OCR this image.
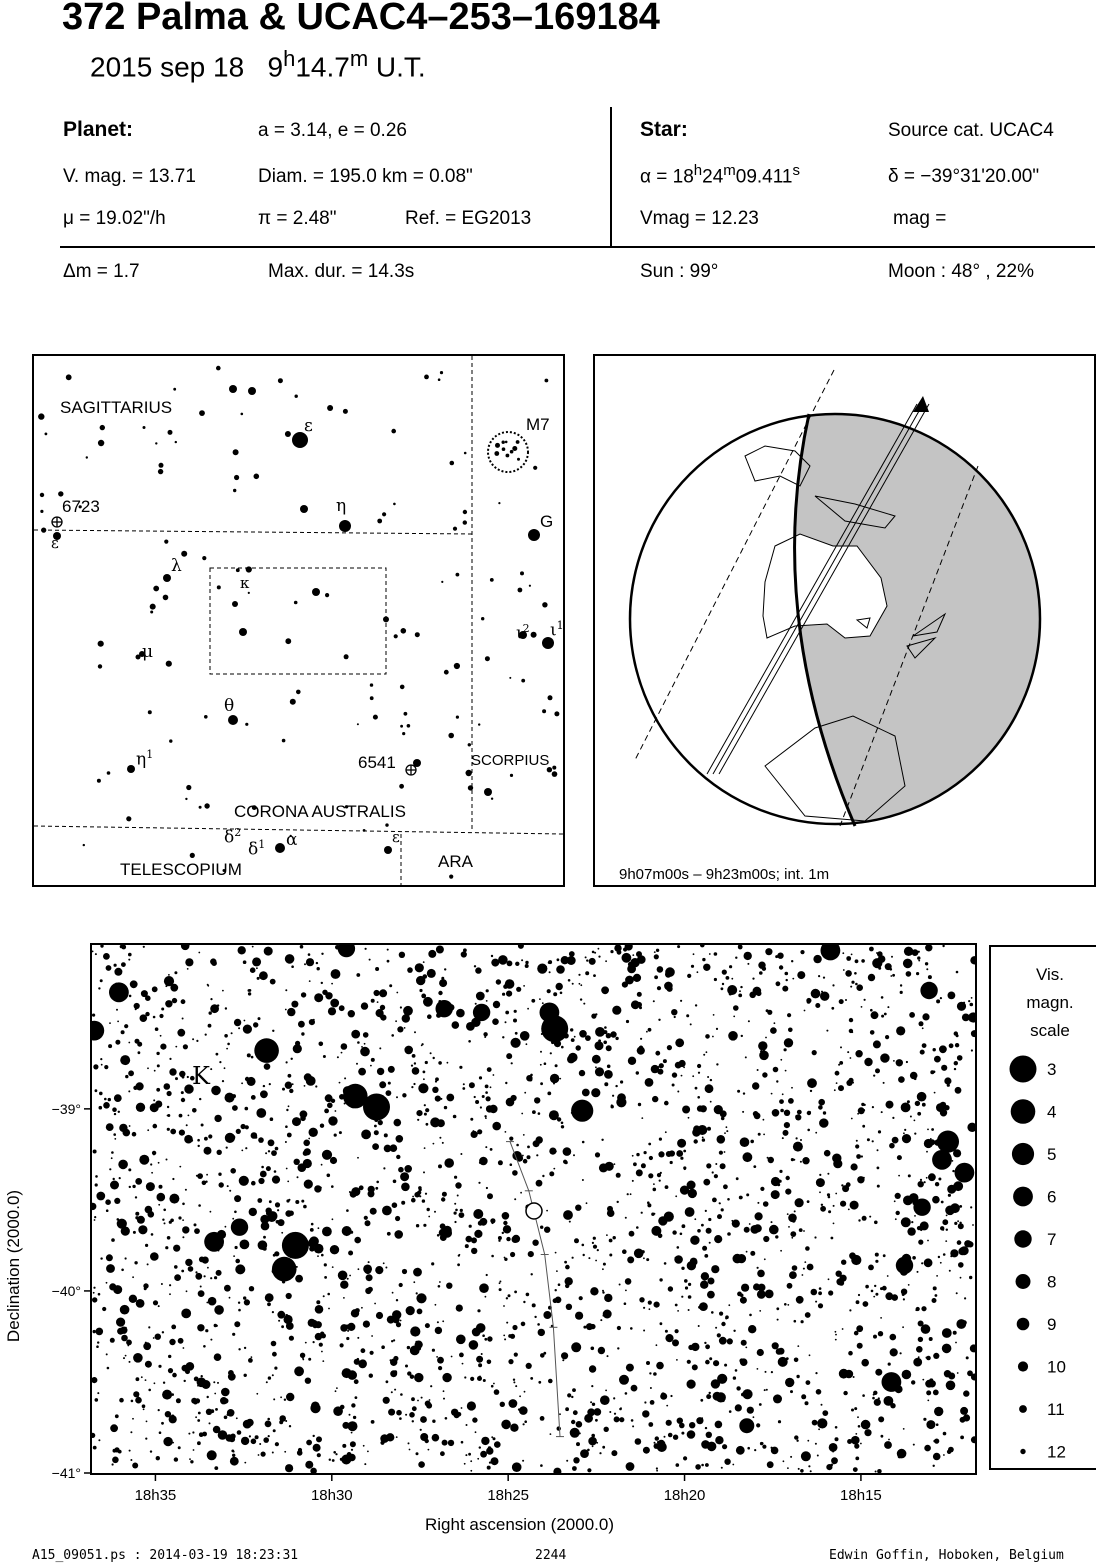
372 Palma & UCAC4–253–169184
2015 sep 18 9$^h$14.7$^m$ U.T.
Planet:	a = 3.14, e = 0.26
V. mag. = 13.71	Diam. = 195.0 km = 0.08"
μ = 19.02"/h	π = 2.48"	Ref. = EG2013
Star:	Source cat. UCAC4
$\alpha = 18^h24^m09.411^s$	δ = −39°31'20.00"
Vmag = 12.23	mag =
Δm = 1.7	Max. dur. = 14.3s	Sun : 99°	Moon : 48° , 22%
SAGITTARIUS
SCORPIUS
CORONA AUSTRALIS
TELESCOPIUM	ARA
M7
6723
6541
G
ε
η
λ
κ
μ
θ
α
ε
ε
$\eta^1$
$\delta^2$
$\delta^1$
$\iota^2$ $\iota^1$
9h07m00s – 9h23m00s; int. 1m
18h35	18h30	18h25	18h20	18h15
−39°
−40°
−41°
K
Right ascension (2000.0)
Declination (2000.0)
Vis.
magn.
scale
3
4
5
6
7
8
9
10
11
12
A15_09051.ps : 2014-03-19 18:23:31	2244	Edwin Goffin, Hoboken, Belgium
